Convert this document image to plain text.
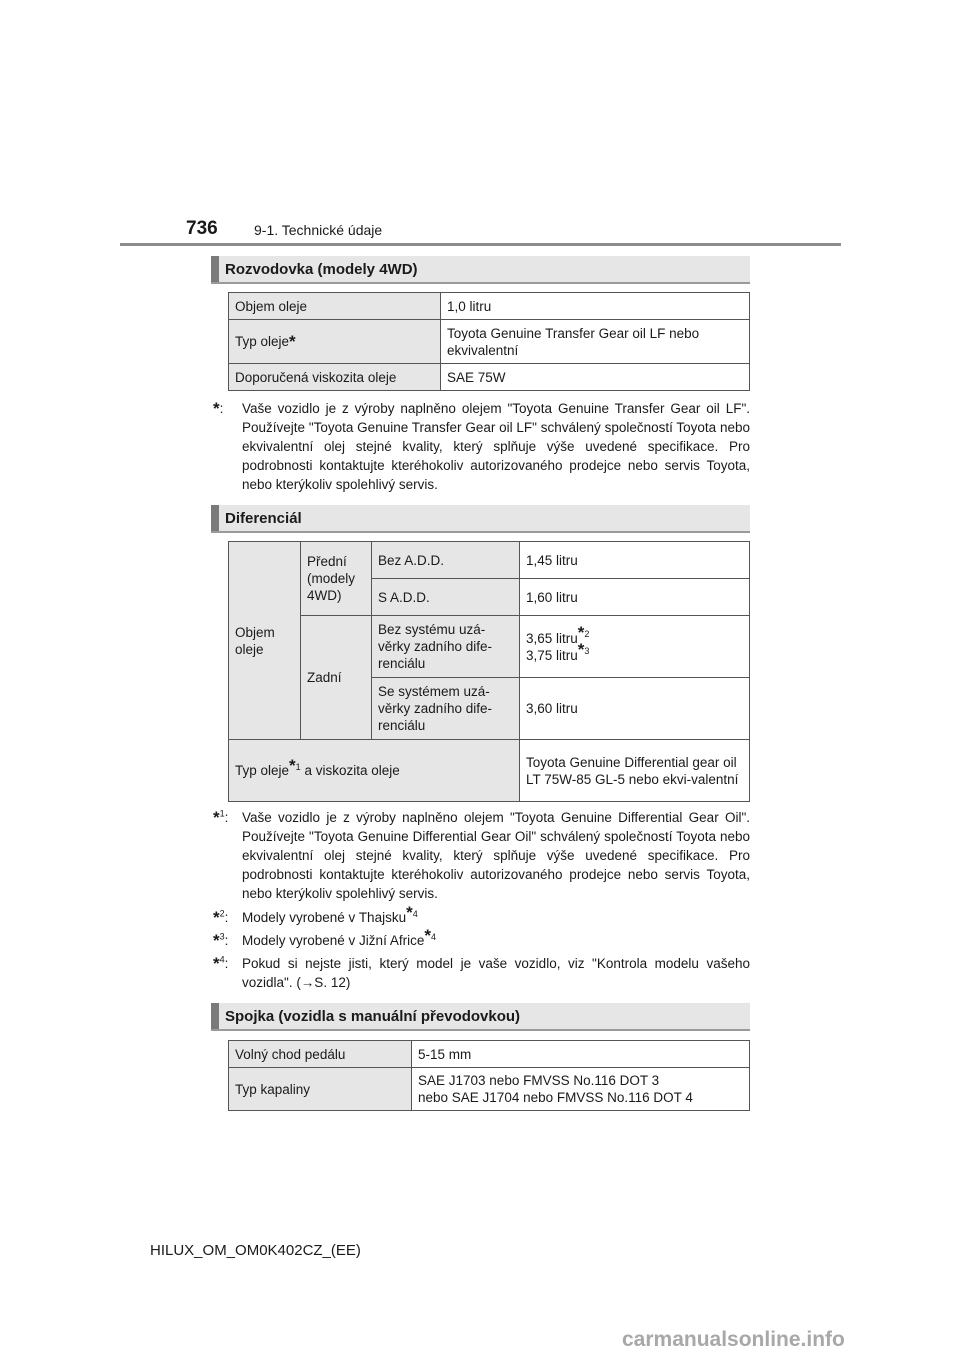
736	9-1. Technické údaje
Rozvodovka (modely 4WD)
Objem oleje	1,0 litru
Typ oleje*	Toyota Genuine Transfer Gear oil LF nebo ekvivalentní
Doporučená viskozita oleje	SAE 75W
*: Vaše vozidlo je z výroby naplněno olejem "Toyota Genuine Transfer Gear oil LF". Používejte "Toyota Genuine Transfer Gear oil LF" schválený společností Toyota nebo ekvivalentní olej stejné kvality, který splňuje výše uvedené specifikace. Pro podrobnosti kontaktujte kteréhokoliv autorizovaného prodejce nebo servis Toyota, nebo kterýkoliv spolehlivý servis.
Diferenciál
Objem oleje	Přední (modely 4WD)	Bez A.D.D.	1,45 litru
		S A.D.D.	1,60 litru
	Zadní	Bez systému uzá-věrky zadního dife-renciálu	3,65 litru$^{*2}$
3,75 litru$^{*3}$
		Se systémem uzá-věrky zadního dife-renciálu	3,60 litru
Typ oleje$^{*1}$ a viskozita oleje			Toyota Genuine Differential gear oil LT 75W-85 GL-5 nebo ekvi-valentní
*$^1$: Vaše vozidlo je z výroby naplněno olejem "Toyota Genuine Differential Gear Oil". Používejte "Toyota Genuine Differential Gear Oil" schválený společností Toyota nebo ekvivalentní olej stejné kvality, který splňuje výše uvedené specifikace. Pro podrobnosti kontaktujte kteréhokoliv autorizovaného prodejce nebo servis Toyota, nebo kterýkoliv spolehlivý servis.
*$^2$: Modely vyrobené v Thajsku$^{*4}$
*$^3$: Modely vyrobené v Jižní Africe$^{*4}$
*$^4$: Pokud si nejste jisti, který model je vaše vozidlo, viz "Kontrola modelu vašeho vozidla". (→S. 12)
Spojka (vozidla s manuální převodovkou)
Volný chod pedálu	5-15 mm
Typ kapaliny	SAE J1703 nebo FMVSS No.116 DOT 3
nebo SAE J1704 nebo FMVSS No.116 DOT 4
HILUX_OM_OM0K402CZ_(EE)
carmanualsonline.info
